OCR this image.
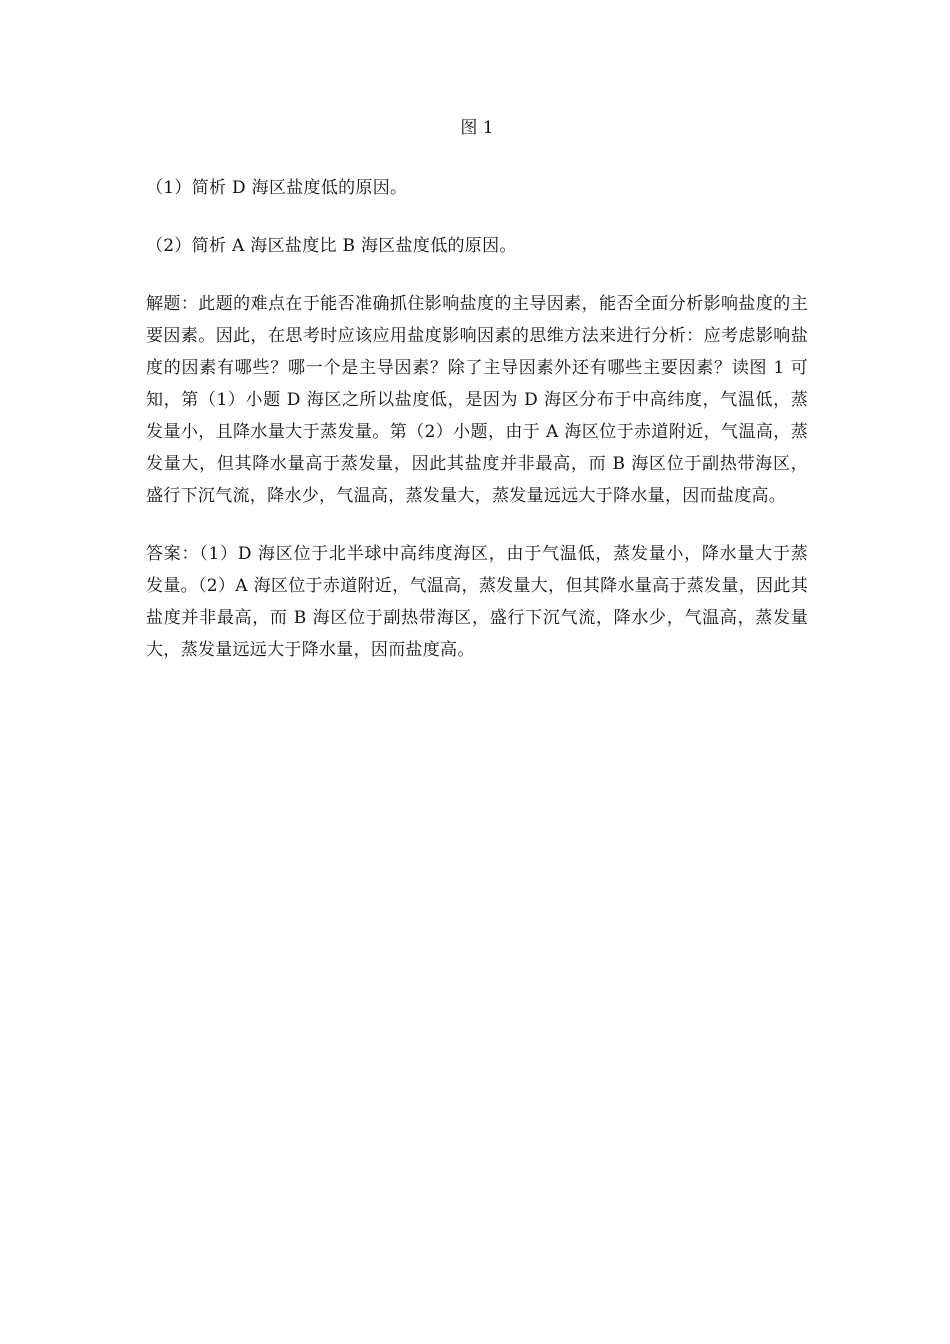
图 1

（1）简析 D 海区盐度低的原因。

（2）简析 A 海区盐度比 B 海区盐度低的原因。

解题：此题的难点在于能否准确抓住影响盐度的主导因素，能否全面分析影响盐度的主要因素。因此，在思考时应该应用盐度影响因素的思维方法来进行分析：应考虑影响盐度的因素有哪些？哪一个是主导因素？除了主导因素外还有哪些主要因素？读图 1 可知，第（1）小题 D 海区之所以盐度低，是因为 D 海区分布于中高纬度，气温低，蒸发量小，且降水量大于蒸发量。第（2）小题，由于 A 海区位于赤道附近，气温高，蒸发量大，但其降水量高于蒸发量，因此其盐度并非最高，而 B 海区位于副热带海区，盛行下沉气流，降水少，气温高，蒸发量大，蒸发量远远大于降水量，因而盐度高。

答案：（1）D 海区位于北半球中高纬度海区，由于气温低，蒸发量小，降水量大于蒸发量。（2）A 海区位于赤道附近，气温高，蒸发量大，但其降水量高于蒸发量，因此其盐度并非最高，而 B 海区位于副热带海区，盛行下沉气流，降水少，气温高，蒸发量大，蒸发量远远大于降水量，因而盐度高。
